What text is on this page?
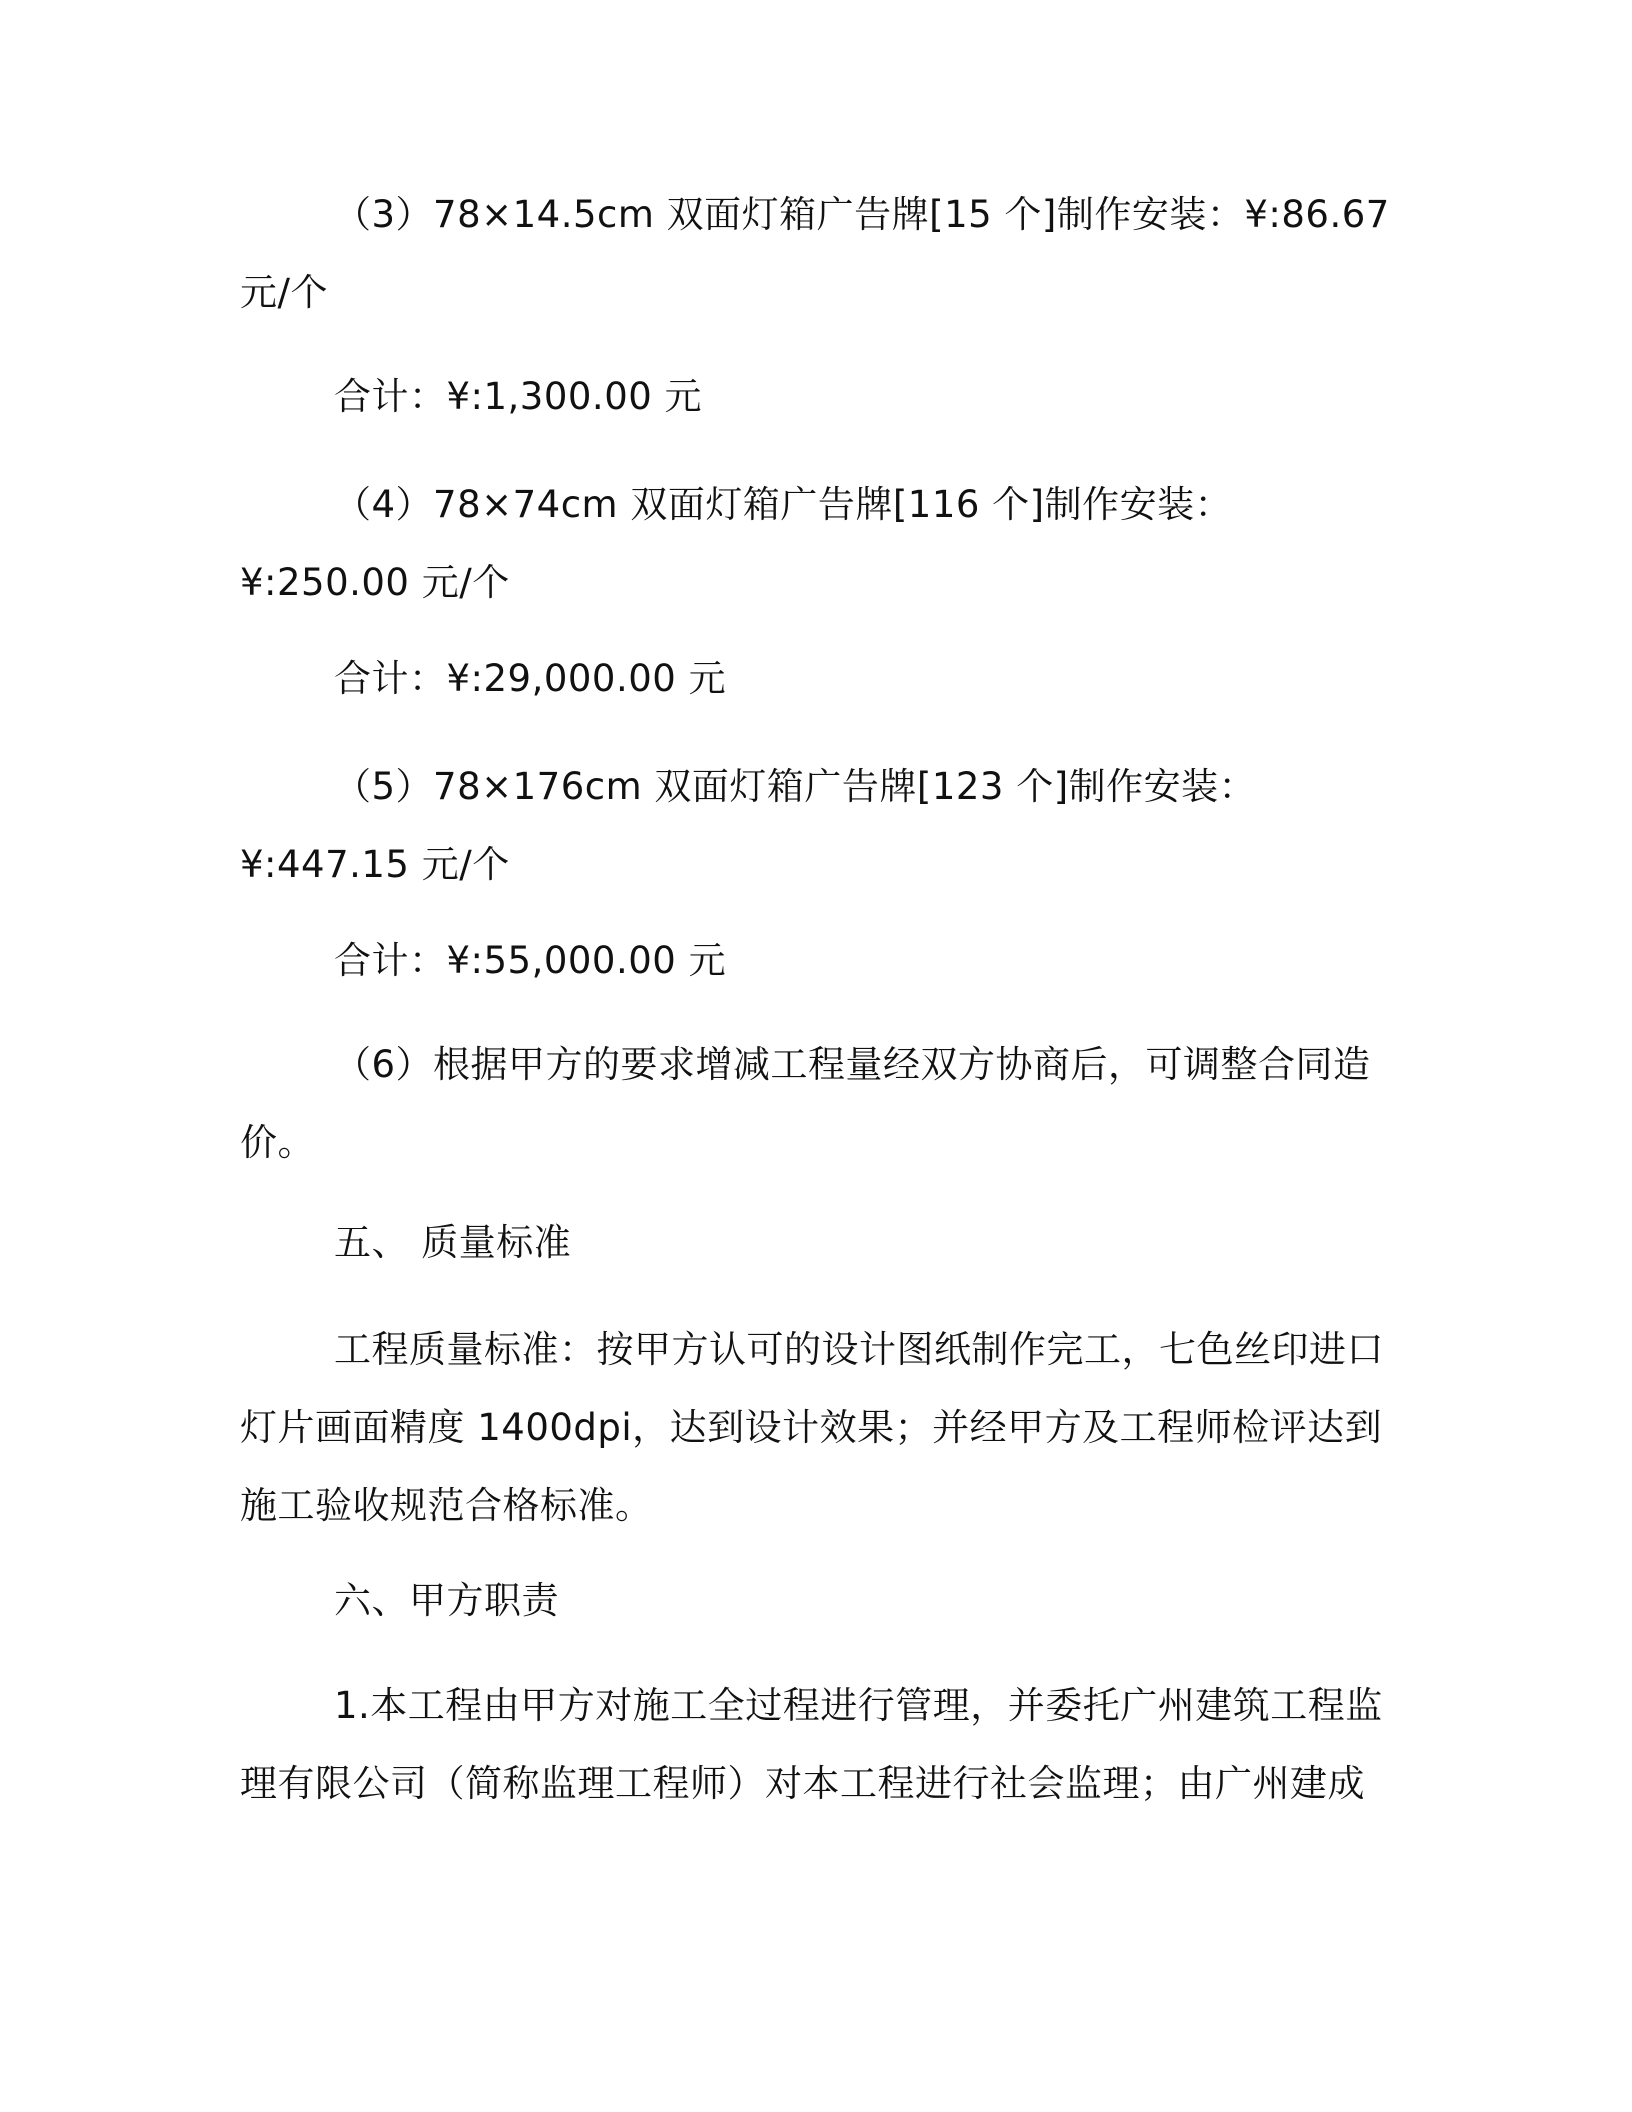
（3）78×14.5cm 双面灯箱广告牌[15 个]制作安装：¥:86.67 元/个

合计：¥:1,300.00 元

（4）78×74cm 双面灯箱广告牌[116 个]制作安装：¥:250.00 元/个

合计：¥:29,000.00 元

（5）78×176cm 双面灯箱广告牌[123 个]制作安装：¥:447.15 元/个

合计：¥:55,000.00 元

（6）根据甲方的要求增减工程量经双方协商后，可调整合同造价。

五、 质量标准

工程质量标准：按甲方认可的设计图纸制作完工，七色丝印进口灯片画面精度 1400dpi，达到设计效果；并经甲方及工程师检评达到施工验收规范合格标准。

六、甲方职责

1.本工程由甲方对施工全过程进行管理，并委托广州建筑工程监理有限公司（简称监理工程师）对本工程进行社会监理；由广州建成
